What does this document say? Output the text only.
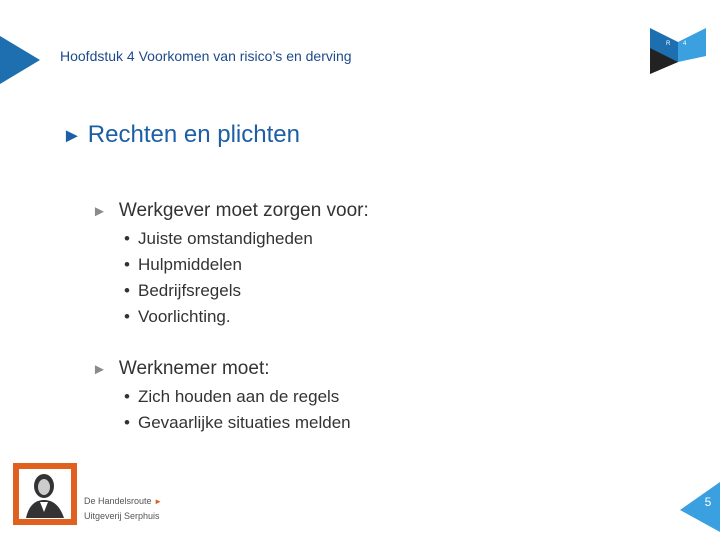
Hoofdstuk 4 Voorkomen van risico’s en derving
R 4
► Rechten en plichten
► Werkgever moet zorgen voor:
• Juiste omstandigheden
• Hulpmiddelen
• Bedrijfsregels
• Voorlichting.
► Werknemer moet:
• Zich houden aan de regels
• Gevaarlijke situaties melden
De Handelsroute ►
Uitgeverij Serphuis
5
